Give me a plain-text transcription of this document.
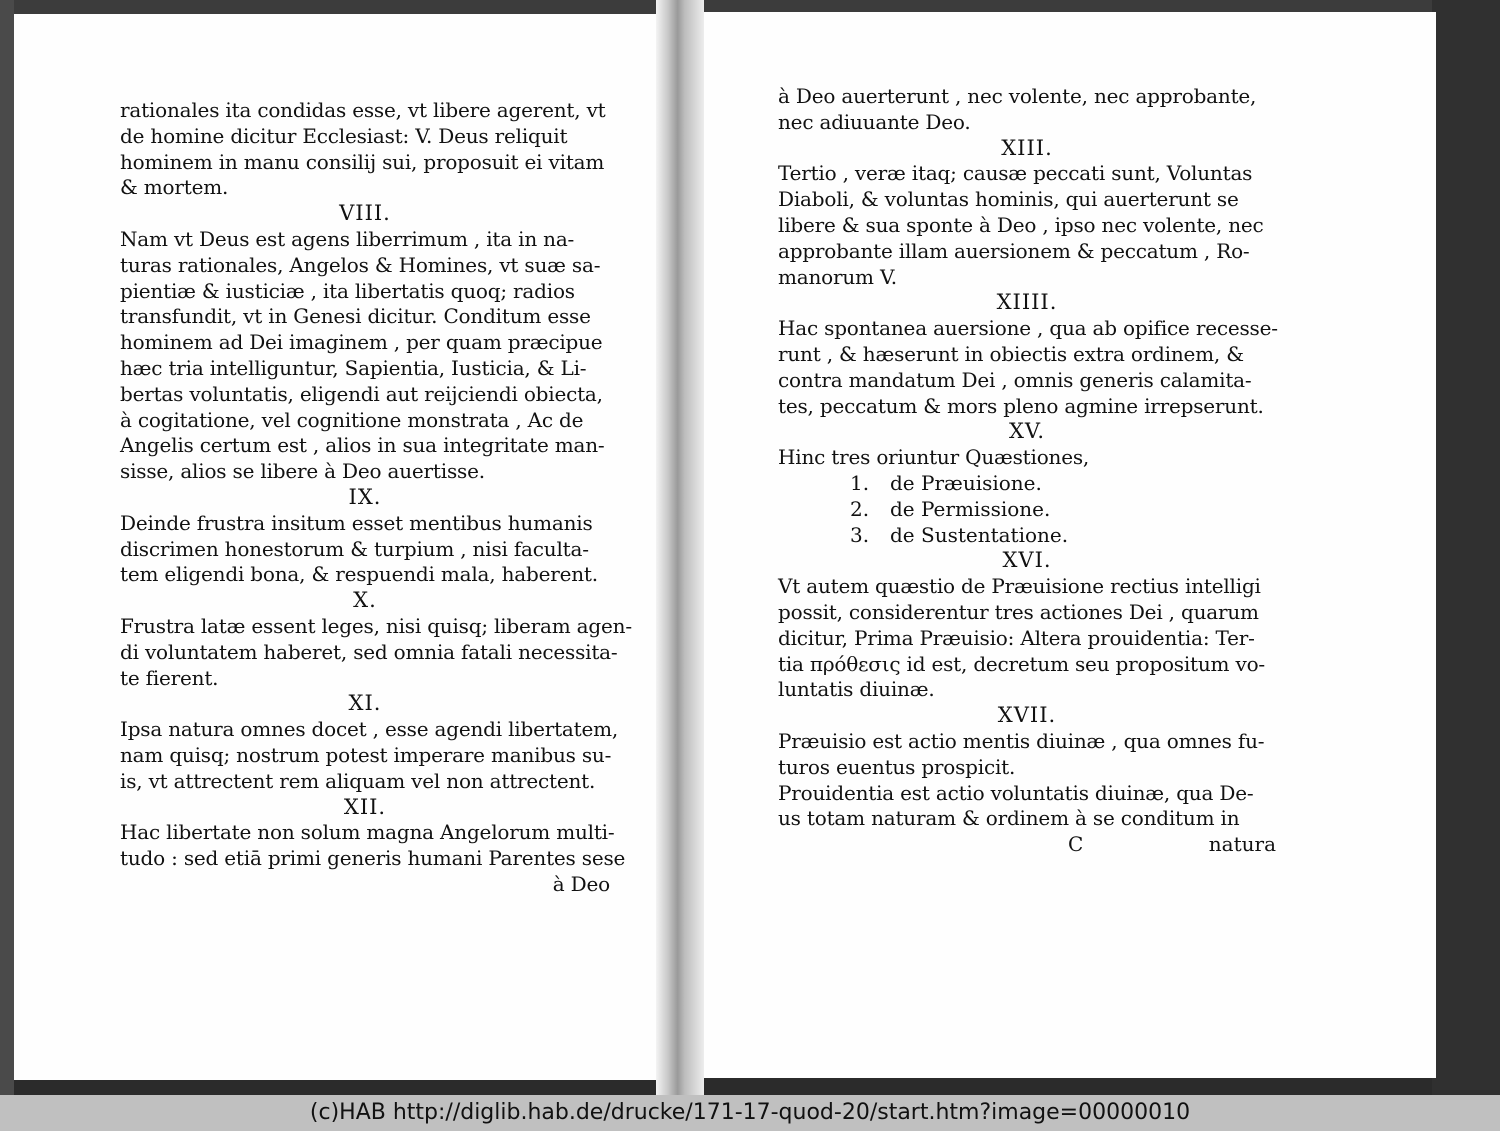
rationales ita condidas esse, vt libere agerent, vt
de homine dicitur Ecclesiast: V. Deus reliquit
hominem in manu consilij sui, proposuit ei vitam
& mortem.
VIII.
Nam vt Deus est agens liberrimum , ita in na-
turas rationales, Angelos & Homines, vt suæ sa-
pientiæ & iusticiæ , ita libertatis quoq; radios
transfundit, vt in Genesi dicitur. Conditum esse
hominem ad Dei imaginem , per quam præcipue
hæc tria intelliguntur, Sapientia, Iusticia, & Li-
bertas voluntatis, eligendi aut reijciendi obiecta,
à cogitatione, vel cognitione monstrata , Ac de
Angelis certum est , alios in sua integritate man-
sisse, alios se libere à Deo auertisse.
IX.
Deinde frustra insitum esset mentibus humanis
discrimen honestorum & turpium , nisi faculta-
tem eligendi bona, & respuendi mala, haberent.
X.
Frustra latæ essent leges, nisi quisq; liberam agen-
di voluntatem haberet, sed omnia fatali necessita-
te fierent.
XI.
Ipsa natura omnes docet , esse agendi libertatem,
nam quisq; nostrum potest imperare manibus su-
is, vt attrectent rem aliquam vel non attrectent.
XII.
Hac libertate non solum magna Angelorum multi-
tudo : sed etiā primi generis humani Parentes sese
à Deo
à Deo auerterunt , nec volente, nec approbante,
nec adiuuante Deo.
XIII.
Tertio , veræ itaq; causæ peccati sunt, Voluntas
Diaboli, & voluntas hominis, qui auerterunt se
libere & sua sponte à Deo , ipso nec volente, nec
approbante illam auersionem & peccatum , Ro-
manorum V.
XIIII.
Hac spontanea auersione , qua ab opifice recesse-
runt , & hæserunt in obiectis extra ordinem, &
contra mandatum Dei , omnis generis calamita-
tes, peccatum & mors pleno agmine irrepserunt.
XV.
Hinc tres oriuntur Quæstiones,
1. de Præuisione.
2. de Permissione.
3. de Sustentatione.
XVI.
Vt autem quæstio de Præuisione rectius intelligi
possit, considerentur tres actiones Dei , quarum
dicitur, Prima Præuisio: Altera prouidentia: Ter-
tia πρόθεσις id est, decretum seu propositum vo-
luntatis diuinæ.
XVII.
Præuisio est actio mentis diuinæ , qua omnes fu-
turos euentus prospicit.
Prouidentia est actio voluntatis diuinæ, qua De-
us totam naturam & ordinem à se conditum in
C	natura
(c)HAB http://diglib.hab.de/drucke/171-17-quod-20/start.htm?image=00000010
